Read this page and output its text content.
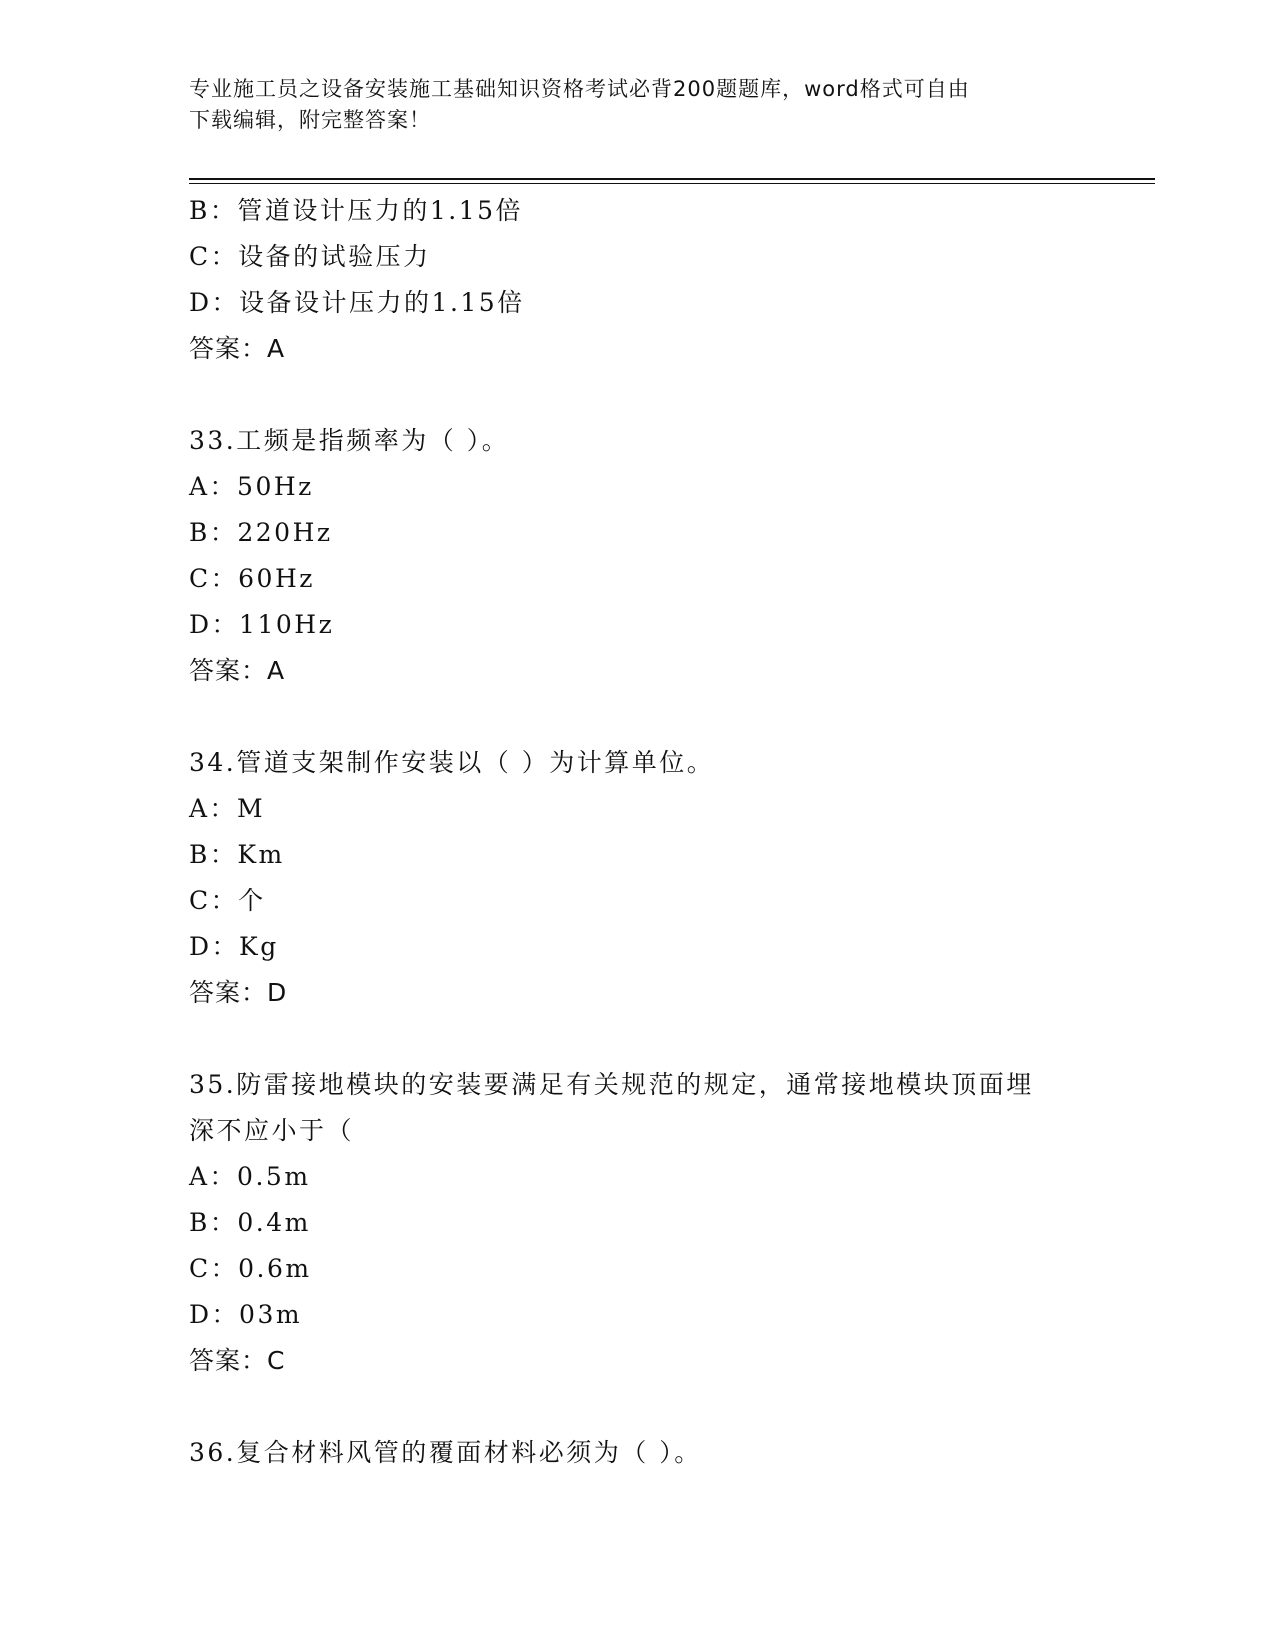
专业施工员之设备安装施工基础知识资格考试必背200题题库，word格式可自由
下载编辑，附完整答案！
B：管道设计压力的1.15倍
C：设备的试验压力
D：设备设计压力的1.15倍
答案：A
33.工频是指频率为（ ）。
A：50Hz
B：220Hz
C：60Hz
D：110Hz
答案：A
34.管道支架制作安装以（ ）为计算单位。
A：M
B：Km
C：个
D：Kg
答案：D
35.防雷接地模块的安装要满足有关规范的规定，通常接地模块顶面埋
深不应小于（
A：0.5m
B：0.4m
C：0.6m
D：03m
答案：C
36.复合材料风管的覆面材料必须为（ ）。
